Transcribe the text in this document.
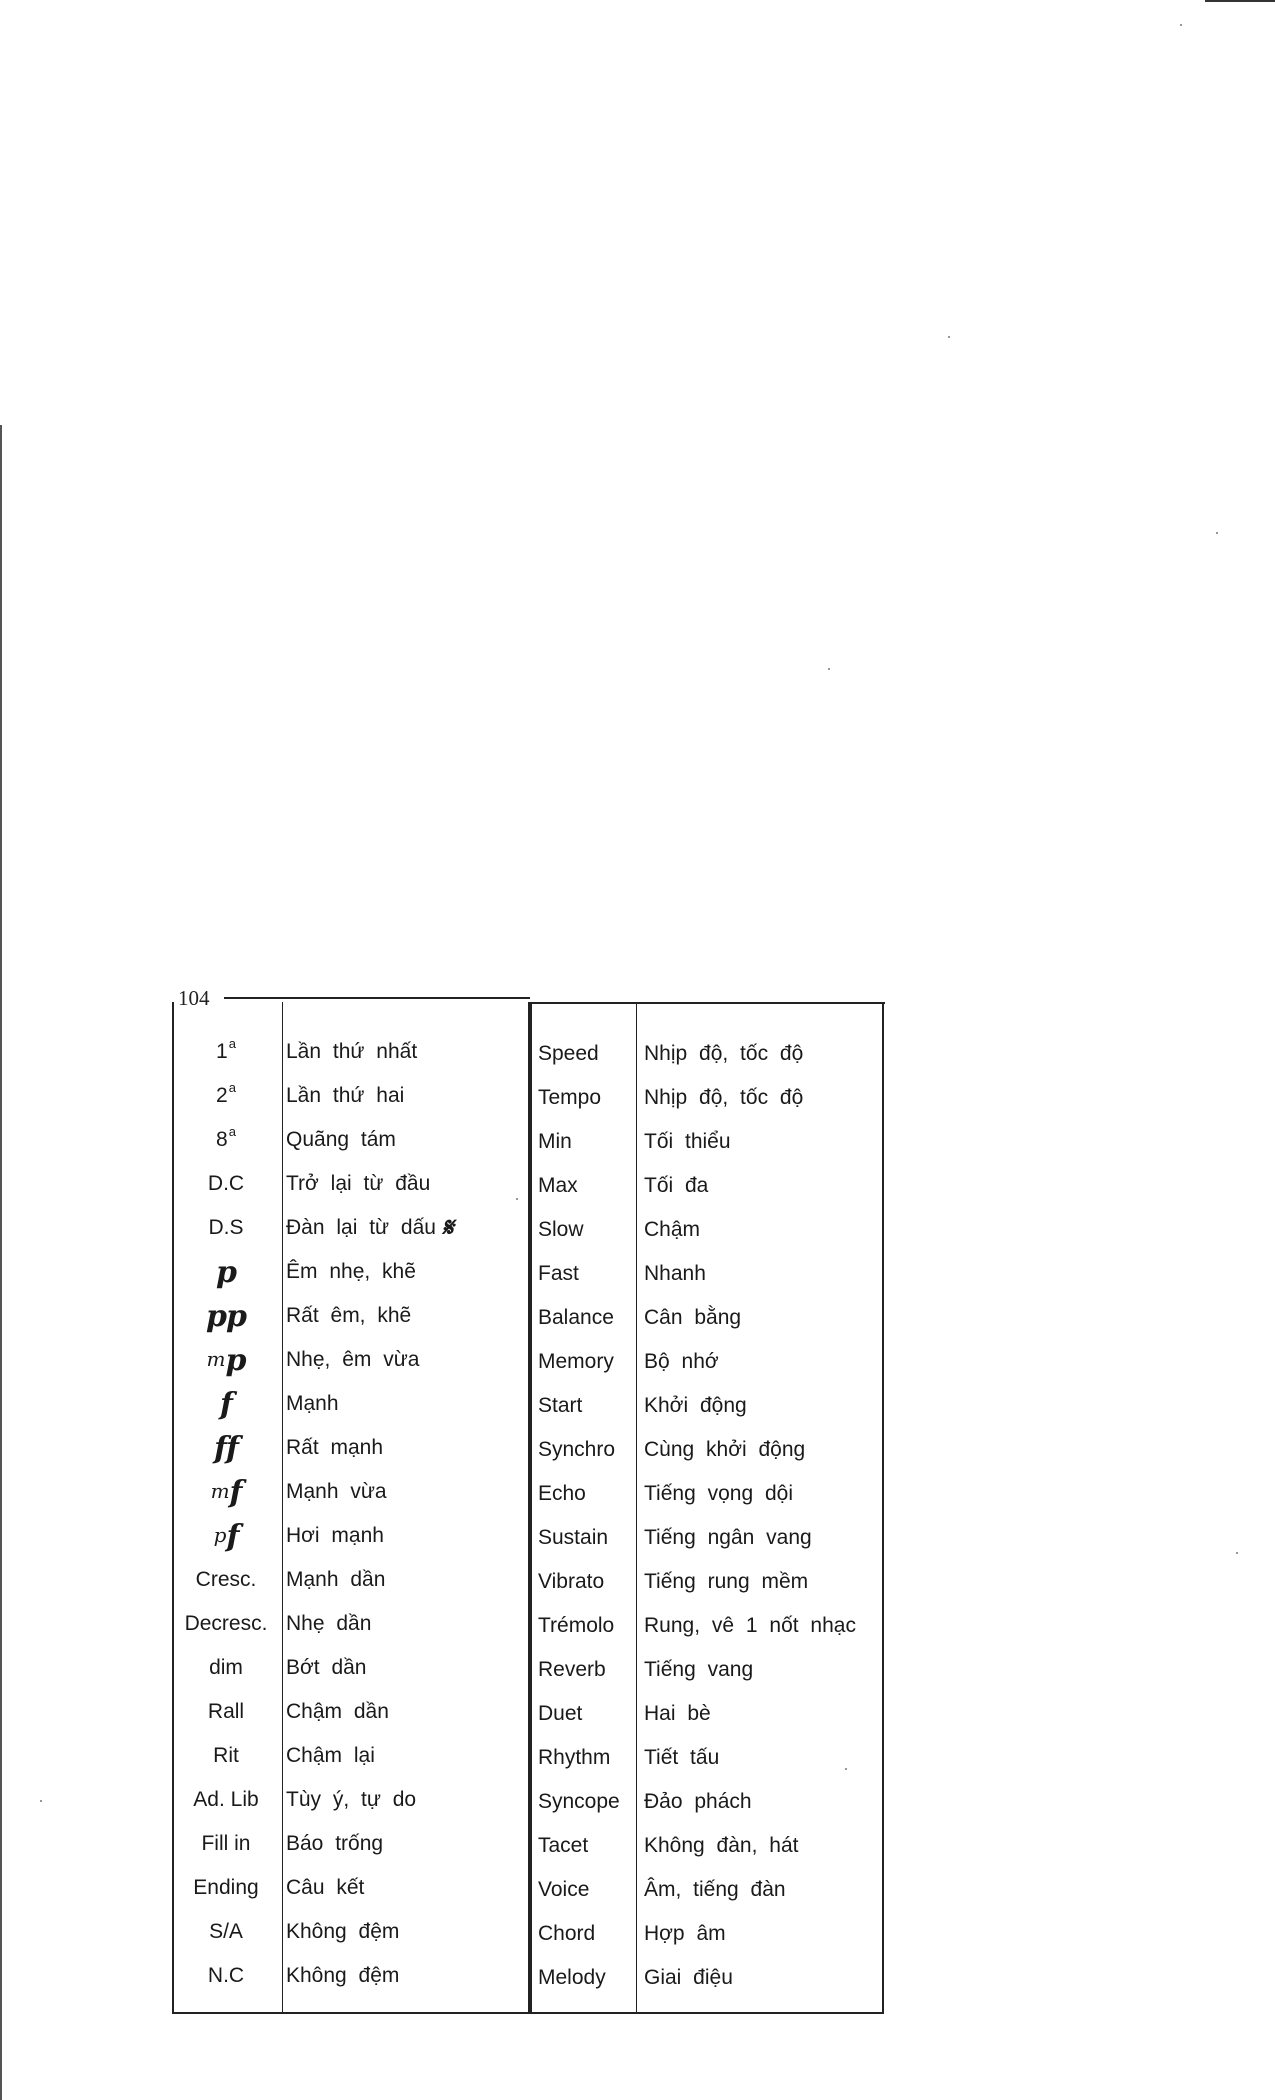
104
1$^a$ Lần thứ nhất
2$^a$ Lần thứ hai
8$^a$ Quãng tám
D.C Trở lại từ đầu
D.S Đàn lại từ dấu 𝄋
p Êm nhẹ, khẽ
pp Rất êm, khẽ
mp Nhẹ, êm vừa
f	Mạnh
ff Rất mạnh
mf Mạnh vừa
pf Hơi mạnh
Cresc. Mạnh dần
Decresc. Nhẹ dần
dim Bớt dần
Rall Chậm dần
Rit Chậm lại
Ad. Lib Tùy ý, tự do
Fill in Báo trống
Ending Câu kết
S/A Không đệm
N.C Không đệm
Speed Nhịp độ, tốc độ
Tempo Nhịp độ, tốc độ
Min	Tối thiểu
Max	Tối đa
Slow	Chậm
Fast	Nhanh
Balance Cân bằng
Memory Bộ nhớ
Start	Khởi động
Synchro Cùng khởi động
Echo	Tiếng vọng dội
Sustain Tiếng ngân vang
Vibrato Tiếng rung mềm
Trémolo Rung, vê 1 nốt nhạc
Reverb Tiếng vang
Duet	Hai bè
Rhythm Tiết tấu
Syncope Đảo phách
Tacet	Không đàn, hát
Voice	Âm, tiếng đàn
Chord Hợp âm
Melody Giai điệu
